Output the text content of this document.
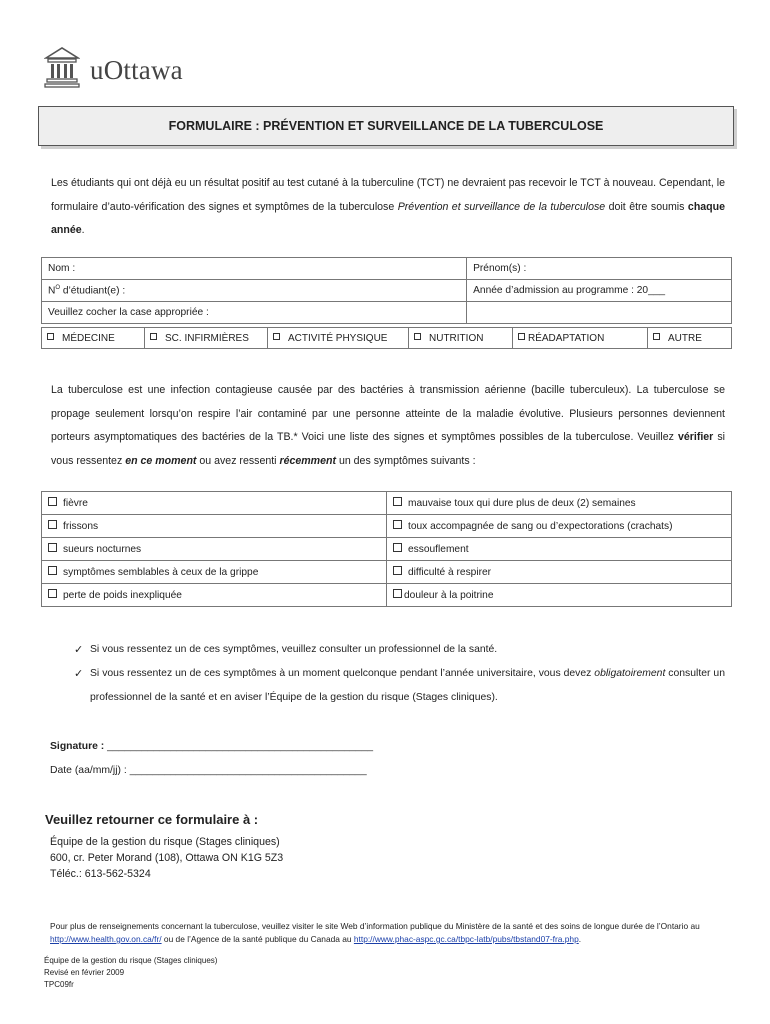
uOttawa
FORMULAIRE : PRÉVENTION ET SURVEILLANCE DE LA TUBERCULOSE
Les étudiants qui ont déjà eu un résultat positif au test cutané à la tuberculine (TCT) ne devraient pas recevoir le TCT à nouveau. Cependant, le formulaire d’auto-vérification des signes et symptômes de la tuberculose Prévention et surveillance de la tuberculose doit être soumis chaque année.
Nom :	Prénom(s) :
$N^O$ d’étudiant(e) :	Année d’admission au programme : 20___
Veuillez cocher la case appropriée :	
MÉDECINE	SC. INFIRMIÈRES	ACTIVITÉ PHYSIQUE	NUTRITION	RÉADAPTATION	AUTRE
La tuberculose est une infection contagieuse causée par des bactéries à transmission aérienne (bacille tuberculeux). La tuberculose se propage seulement lorsqu’on respire l’air contaminé par une personne atteinte de la maladie évolutive. Plusieurs personnes deviennent porteurs asymptomatiques des bactéries de la TB.* Voici une liste des signes et symptômes possibles de la tuberculose. Veuillez vérifier si vous ressentez en ce moment ou avez ressenti récemment un des symptômes suivants :
fièvre	mauvaise toux qui dure plus de deux (2) semaines
frissons	toux accompagnée de sang ou d’expectorations (crachats)
sueurs nocturnes	essouflement
symptômes semblables à ceux de la grippe	difficulté à respirer
perte de poids inexpliquée	douleur à la poitrine
✓ Si vous ressentez un de ces symptômes, veuillez consulter un professionnel de la santé.
✓ Si vous ressentez un de ces symptômes à un moment quelconque pendant l’année universitaire, vous devez obligatoirement consulter un professionnel de la santé et en aviser l’Équipe de la gestion du risque (Stages cliniques).
Signature : ______________________________________________
Date (aa/mm/jj) : _________________________________________
Veuillez retourner ce formulaire à :
Équipe de la gestion du risque (Stages cliniques)
600, cr. Peter Morand (108), Ottawa ON K1G 5Z3
Téléc.: 613-562-5324
Pour plus de renseignements concernant la tuberculose, veuillez visiter le site Web d’information publique du Ministère de la santé et des soins de longue durée de l’Ontario au http://www.health.gov.on.ca/fr/ ou de l’Agence de la santé publique du Canada au http://www.phac-aspc.gc.ca/tbpc-latb/pubs/tbstand07-fra.php.
Équipe de la gestion du risque (Stages cliniques)
Revisé en février 2009
TPC09fr
